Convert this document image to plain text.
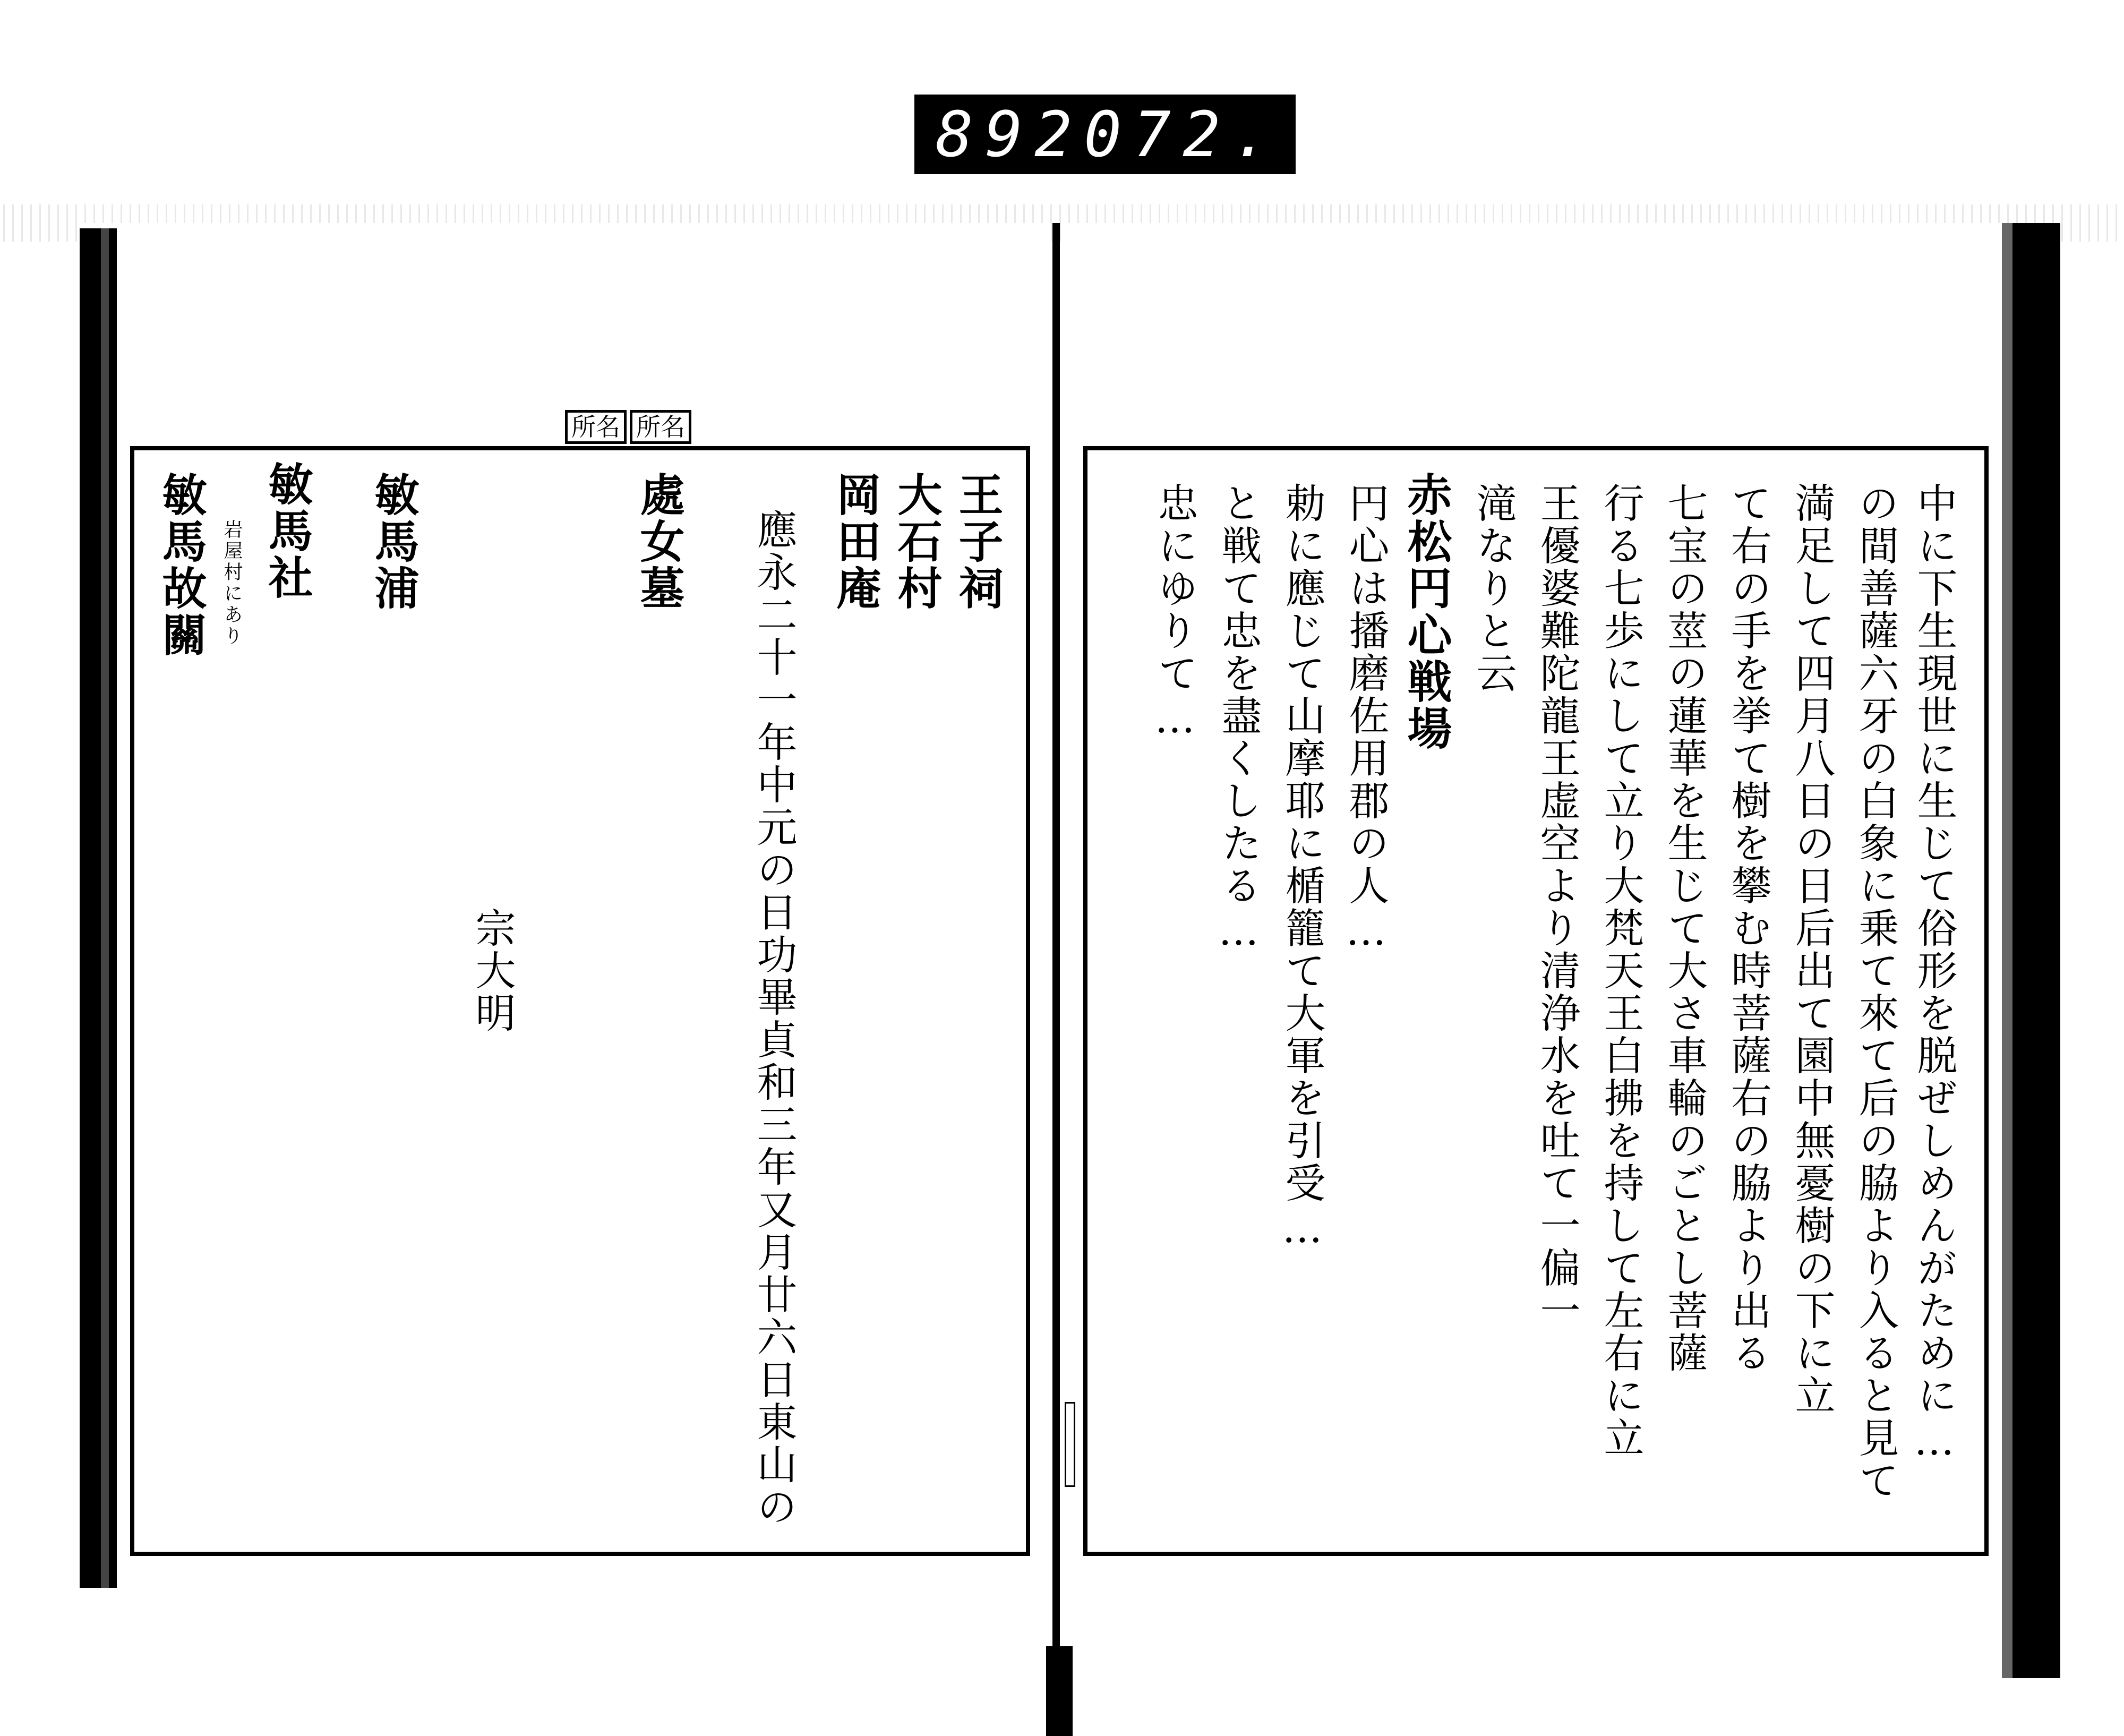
892 072.
所名 所名
王子祠
大石村
岡田庵
應永二十一年中元の日功畢貞和三年又月廿六日東山の
處女墓
敏馬浦
敏馬社
敏馬故關 岩屋村にあり
宗大明	中に下生現世に生じて俗形を脱ぜしめんがために…
の間善薩六牙の白象に乗て來て后の脇より入ると見て
満足して四月八日の日后出て園中無憂樹の下に立
て右の手を挙て樹を攀む時菩薩右の脇より出る
七宝の莖の蓮華を生じて大さ車輪のごとし菩薩
行る七歩にして立り大梵天王白拂を持して左右に立
王優婆難陀龍王虚空より清浄水を吐て一偏一
滝なりと云
赤松円心戦場
円心は播磨佐用郡の人…
勅に應じて山摩耶に楯籠て大軍を引受…
と戦て忠を盡くしたる…
忠にゆりて…
